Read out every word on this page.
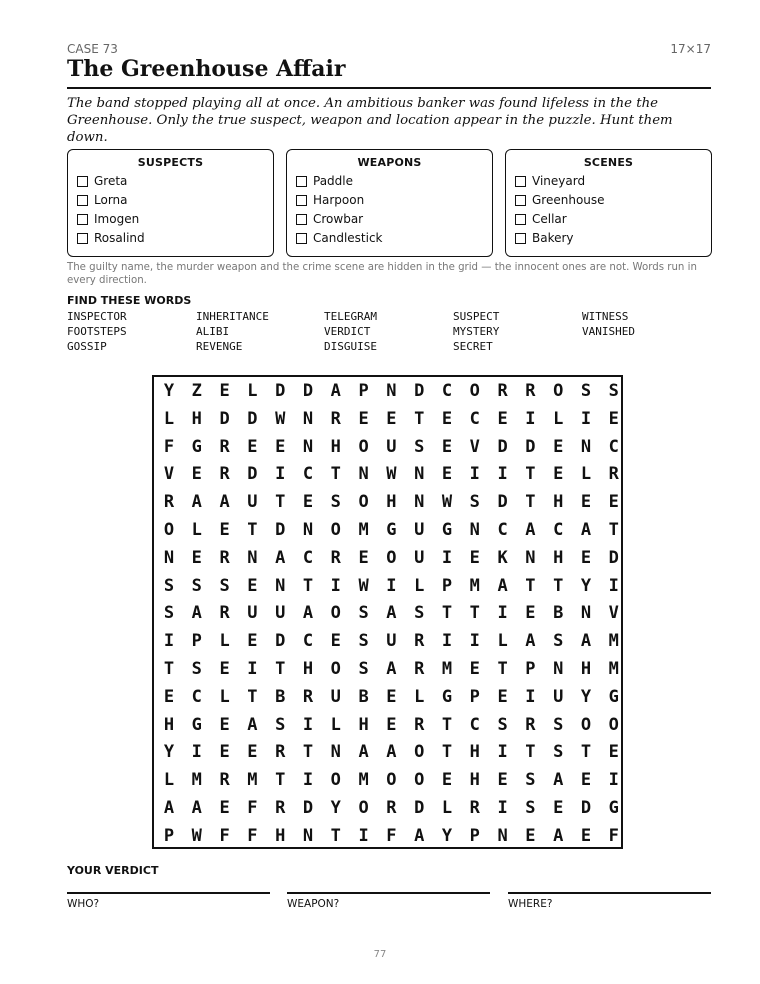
CASE 73	17×17
The Greenhouse Affair
The band stopped playing all at once. An ambitious banker was found lifeless in the the Greenhouse. Only the true suspect, weapon and location appear in the puzzle. Hunt them down.
SUSPECTS
Greta
Lorna
Imogen
Rosalind
WEAPONS
Paddle
Harpoon
Crowbar
Candlestick
SCENES
Vineyard
Greenhouse
Cellar
Bakery
The guilty name, the murder weapon and the crime scene are hidden in the grid — the innocent ones are not. Words run in every direction.
FIND THESE WORDS
INSPECTOR	INHERITANCE	TELEGRAM	SUSPECT	WITNESS
FOOTSTEPS	ALIBI	VERDICT	MYSTERY	VANISHED
GOSSIP	REVENGE	DISGUISE	SECRET
Y	Z	E	L	D	D	A	P	N	D	C	O	R	R	O	S	S
L	H	D	D	W	N	R	E	E	T	E	C	E	I	L	I	E
F	G	R	E	E	N	H	O	U	S	E	V	D	D	E	N	C
V	E	R	D	I	C	T	N	W	N	E	I	I	T	E	L	R
R	A	A	U	T	E	S	O	H	N	W	S	D	T	H	E	E
O	L	E	T	D	N	O	M	G	U	G	N	C	A	C	A	T
N	E	R	N	A	C	R	E	O	U	I	E	K	N	H	E	D
S	S	S	E	N	T	I	W	I	L	P	M	A	T	T	Y	I
S	A	R	U	U	A	O	S	A	S	T	T	I	E	B	N	V
I	P	L	E	D	C	E	S	U	R	I	I	L	A	S	A	M
T	S	E	I	T	H	O	S	A	R	M	E	T	P	N	H	M
E	C	L	T	B	R	U	B	E	L	G	P	E	I	U	Y	G
H	G	E	A	S	I	L	H	E	R	T	C	S	R	S	O	O
Y	I	E	E	R	T	N	A	A	O	T	H	I	T	S	T	E
L	M	R	M	T	I	O	M	O	O	E	H	E	S	A	E	I
A	A	E	F	R	D	Y	O	R	D	L	R	I	S	E	D	G
P	W	F	F	H	N	T	I	F	A	Y	P	N	E	A	E	F
YOUR VERDICT
WHO?	WEAPON?	WHERE?
77
